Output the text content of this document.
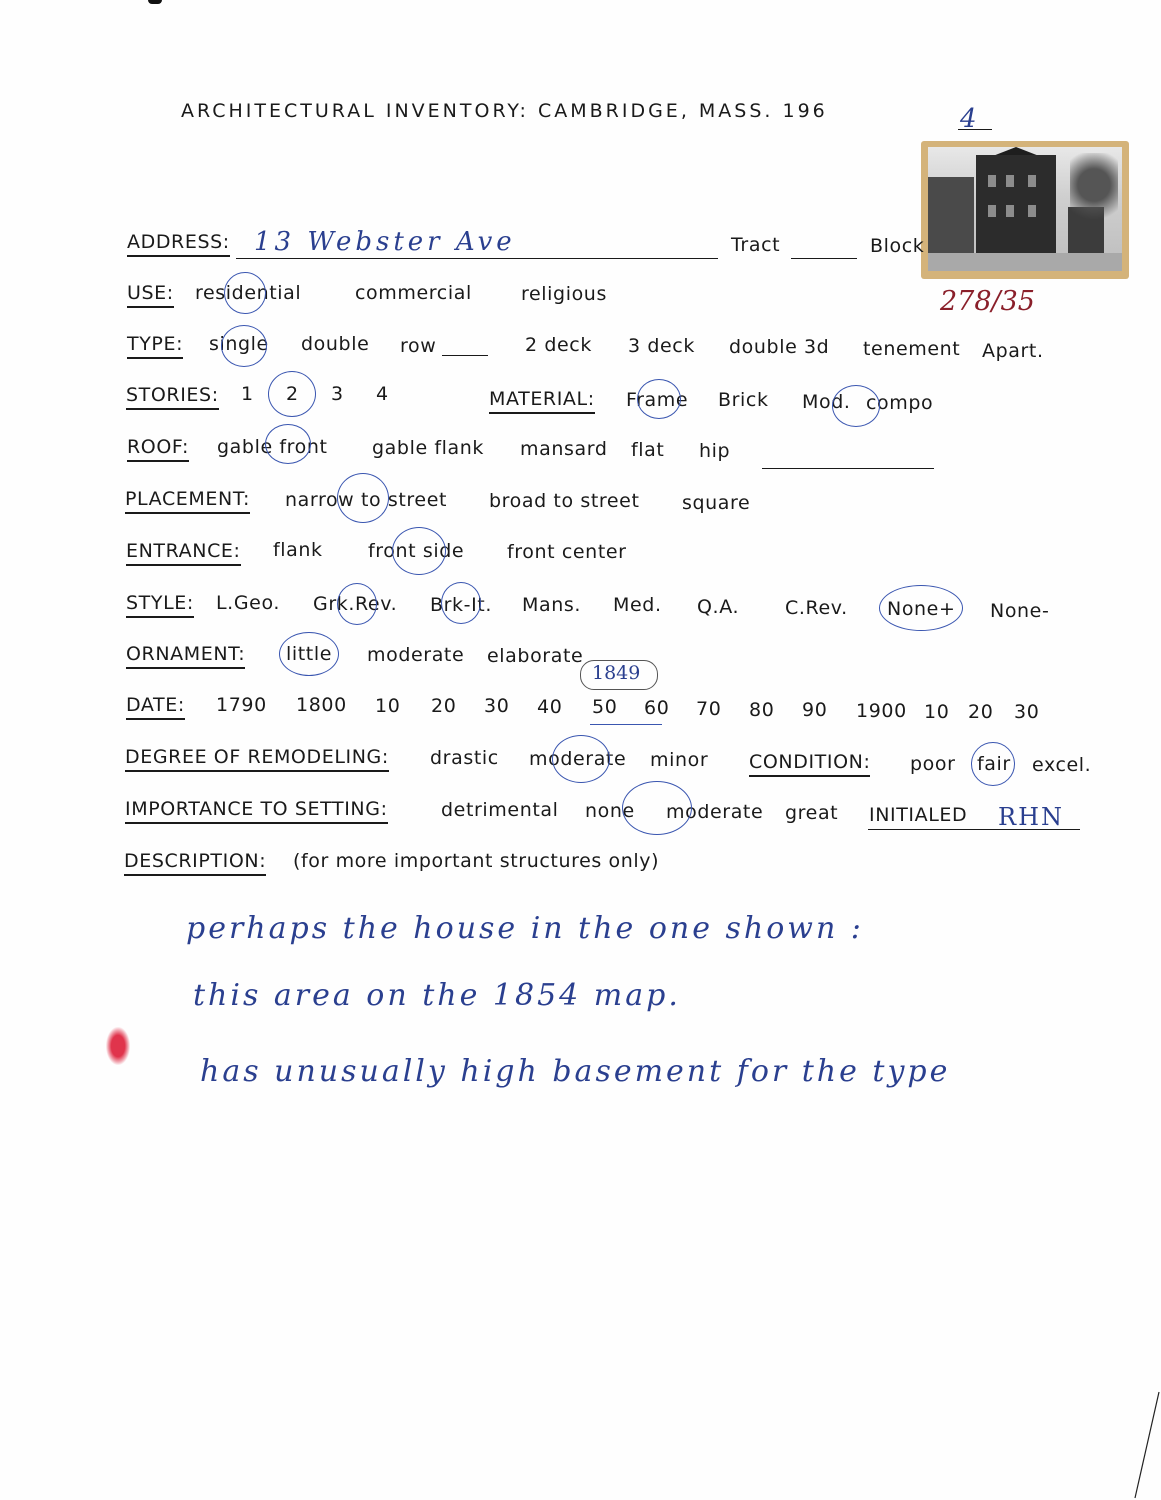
ARCHITECTURAL INVENTORY: CAMBRIDGE, MASS. 196	4
278/35
ADDRESS: 13 Webster Ave	Tract	Block
USE: residential	commercial	religious
TYPE: single double row	2 deck 3 deck double 3d tenement Apart.
STORIES: 1 2 3 4	MATERIAL: Frame Brick Mod. compo
ROOF: gable front gable flank mansard flat hip
PLACEMENT: narrow to street broad to street square
ENTRANCE: flank front side front center
STYLE: L.Geo. Grk.Rev. Brk-It. Mans. Med. Q.A. C.Rev. None+ None-
ORNAMENT: little moderate elaborate
DATE: 1790 1800 10 20 30 40 50 60 70 80 90 1900 10 20 30
1849
DEGREE OF REMODELING: drastic moderate minor CONDITION: poor fair excel.
IMPORTANCE TO SETTING:	detrimental none moderate great INITIALED RHN
DESCRIPTION: (for more important structures only)
perhaps the house in the one shown :
this area on the 1854 map.
has unusually high basement for the type
